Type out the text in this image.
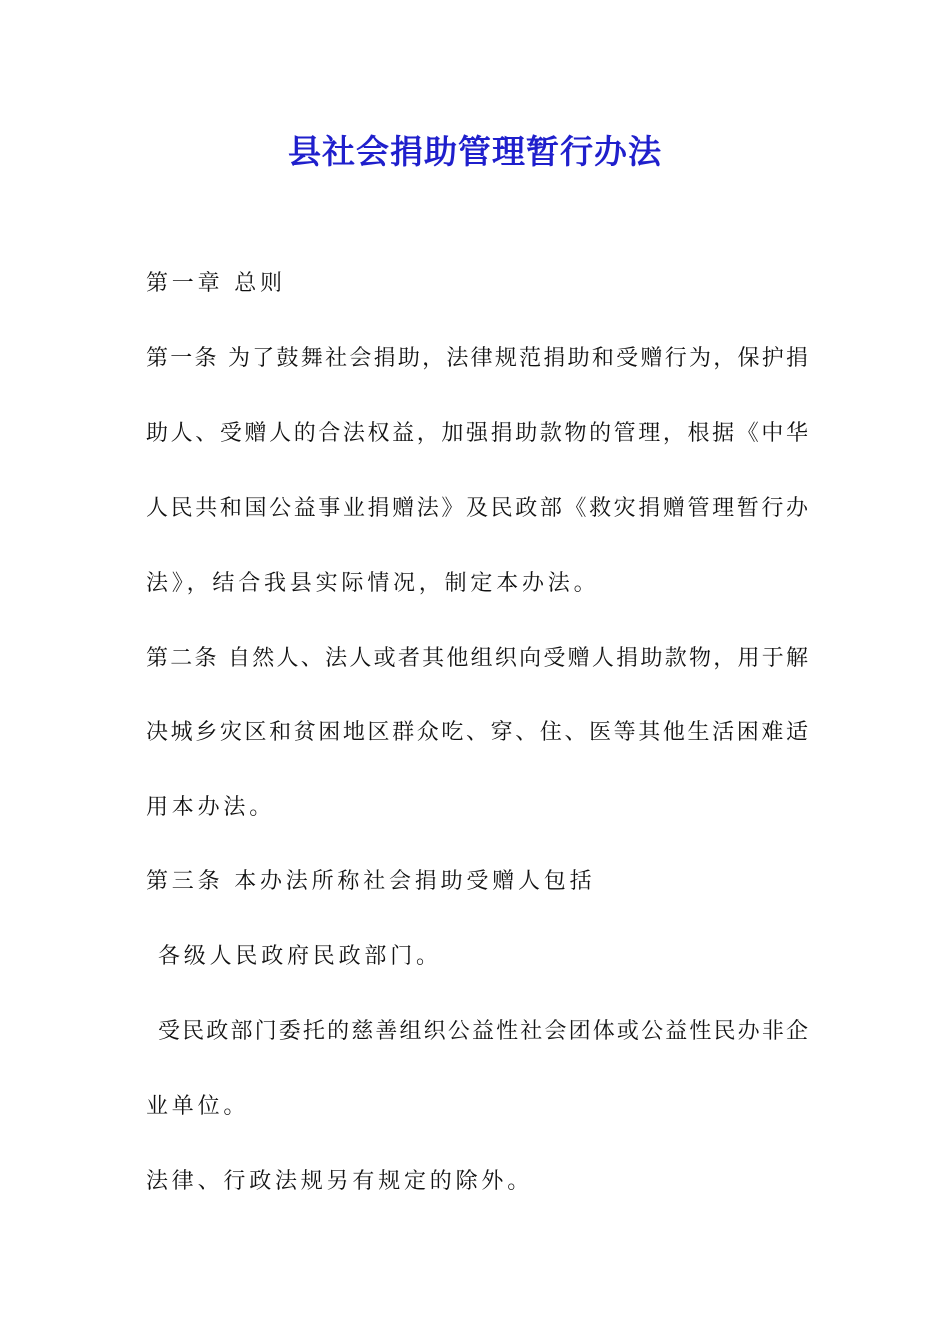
县社会捐助管理暂行办法
第一章 总则
第一条 为了鼓舞社会捐助，法律规范捐助和受赠行为，保护捐
助人、受赠人的合法权益，加强捐助款物的管理，根据《中华
人民共和国公益事业捐赠法》及民政部《救灾捐赠管理暂行办
法》，结合我县实际情况，制定本办法。
第二条 自然人、法人或者其他组织向受赠人捐助款物，用于解
决城乡灾区和贫困地区群众吃、穿、住、医等其他生活困难适
用本办法。
第三条 本办法所称社会捐助受赠人包括
各级人民政府民政部门。
受民政部门委托的慈善组织公益性社会团体或公益性民办非企
业单位。
法律、行政法规另有规定的除外。
